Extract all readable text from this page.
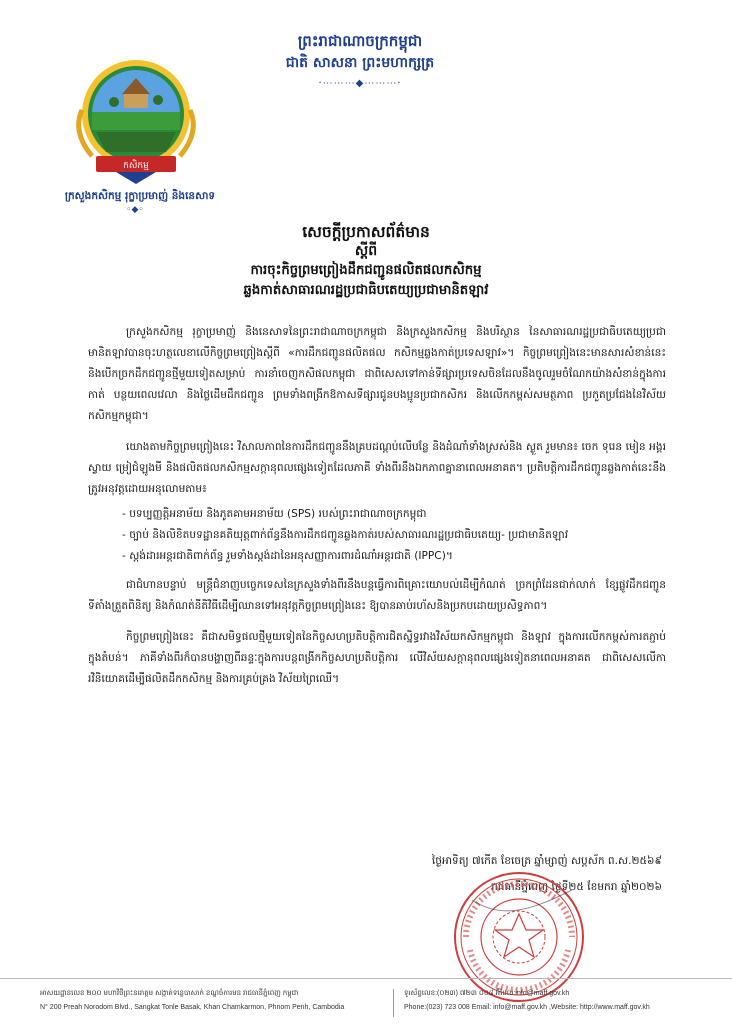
ព្រះរាជាណាចក្រកម្ពុជា
ជាតិ សាសនា ព្រះមហាក្សត្រ
·⋯⋯⋯◆⋯⋯⋯·
កសិកម្ម
ក្រសួងកសិកម្ម រុក្ខាប្រមាញ់ និងនេសាទ
◦◆◦
សេចក្តីប្រកាសព័ត៌មាន
ស្តីពី
ការចុះកិច្ចព្រមព្រៀងដឹកជញ្ជូនផលិតផលកសិកម្ម
ឆ្លងកាត់សាធារណរដ្ឋប្រជាធិបតេយ្យប្រជាមានិតឡាវ

ក្រសួងកសិកម្ម រុក្ខាប្រមាញ់ និងនេសាទនៃព្រះរាជាណាចក្រកម្ពុជា និងក្រសួងកសិកម្ម និងបរិស្ថាន នៃសាធារណរដ្ឋប្រជាធិបតេយ្យប្រជាមានិតឡាវបានចុះហត្ថលេខាលើកិច្ចព្រមព្រៀងស្តីពី «ការដឹកជញ្ជូនផលិតផល កសិកម្មឆ្លងកាត់ប្រទេសឡាវ»។ កិច្ចព្រមព្រៀងនេះមានសារសំខាន់នេះ និងបើកច្រកដឹកជញ្ជូនថ្មីមួយទៀតសម្រាប់ ការនាំចេញកសិផលកម្ពុជា ជាពិសេសទៅកាន់ទីផ្សារប្រទេសចិនដែលនឹងចូលរួមចំណែកយ៉ាងសំខាន់ក្នុងការកាត់ បន្ថយពេលវេលា និងថ្លៃដើមដឹកជញ្ជូន ព្រមទាំងពង្រីកឱកាសទីផ្សារជូនបងប្អូនប្រជាកសិករ និងលើកកម្ពស់សមត្ថភាព ប្រកួតប្រជែងនៃវិស័យកសិកម្មកម្ពុជា។

យោងតាមកិច្ចព្រមព្រៀងនេះ វិសាលភាពនៃការដឹកជញ្ជូននឹងគ្របដណ្តប់លើបន្លែ និងដំណាំទាំងស្រស់និង ស្ងួត រួមមាន៖ ចេក ទុរេន មៀន អង្គរ ស្វាយ ម្រៀជំឡូងមី និងផលិតផលកសិកម្មសក្តានុពលផ្សេងទៀតដែលភាគី ទាំងពីរនឹងឯកភាពគ្នានាពេលអនាគត។ ប្រតិបត្តិការដឹកជញ្ជូនឆ្លងកាត់នេះនឹងត្រូវអនុវត្តដោយអនុលោមតាម៖

- បទប្បញ្ញត្តិអនាម័យ និងភូតគាមអនាម័យ (SPS) របស់ព្រះរាជាណាចក្រកម្ពុជា
- ច្បាប់ និងលិខិតបទដ្ឋានគតិយុត្តពាក់ព័ន្ធនឹងការដឹកជញ្ជូនឆ្លងកាត់របស់សាធារណរដ្ឋប្រជាធិបតេយ្យ- ប្រជាមានិតឡាវ
- ស្តង់ដារអន្តរជាតិពាក់ព័ន្ធ រួមទាំងស្តង់ដានៃអនុសញ្ញាការពារដំណាំអន្តរជាតិ (IPPC)។

ជាជំហានបន្ទាប់ មន្ត្រីជំនាញបច្ចេកទេសនៃក្រសួងទាំងពីរនឹងបន្តធ្វើការពិគ្រោះយោបល់ដើម្បីកំណត់ ច្រកព្រំដែនជាក់លាក់ ខ្សែផ្លូវដឹកជញ្ជូន ទីតាំងត្រួតពិនិត្យ និងកំណត់នីតិវិធីដើម្បីឈានទៅអនុវត្តកិច្ចព្រមព្រៀងនេះ ឱ្យបានឆាប់រហ័សនិងប្រកបដោយប្រសិទ្ធភាព។

កិច្ចព្រមព្រៀងនេះ គឺជាសមិទ្ធផលថ្មីមួយទៀតនៃកិច្ចសហប្រតិបត្តិការជិតស្និទ្ធរវាងវិស័យកសិកម្មកម្ពុជា និងឡាវ ក្នុងការលើកកម្ពស់ការតភ្ជាប់ក្នុងតំបន់។ ភាគីទាំងពីរក៏បានបង្ហាញពីឆន្ទៈក្នុងការបន្តពង្រីកកិច្ចសហប្រតិបត្តិការ លើវិស័យសក្តានុពលផ្សេងទៀតនាពេលអនាគត ជាពិសេសលើការវិនិយោគដើម្បីផលិតដឹកកសិកម្ម និងការគ្រប់គ្រង វិស័យព្រៃឈើ។

ថ្ងៃអាទិត្យ ៧កើត ខែចេត្រ ឆ្នាំម្សាញ់ សប្តស័ក ព.ស.២៥៦៩
រាជធានីភ្នំពេញ ថ្ងៃទី២៥ ខែមករា ឆ្នាំ២០២៦
អាសយដ្ឋានលេខ ២០០ មហាវិថីព្រះនរោត្តម សង្កាត់ទន្លេបាសាក់ ខណ្ឌចំការមន រាជធានីភ្នំពេញ កម្ពុជា
N° 200 Preah Norodom Blvd., Sangkat Tonle Basak, Khan Chamkarmon, Phnom Penh, Cambodia
ទូរស័ព្ទលេខ:(០២៣) ៧២៣ ០០៨ អ៊ីមែល:info@maff.gov.kh
Phone:(023) 723 008 Email: info@maff.gov.kh ,Website: http://www.maff.gov.kh
